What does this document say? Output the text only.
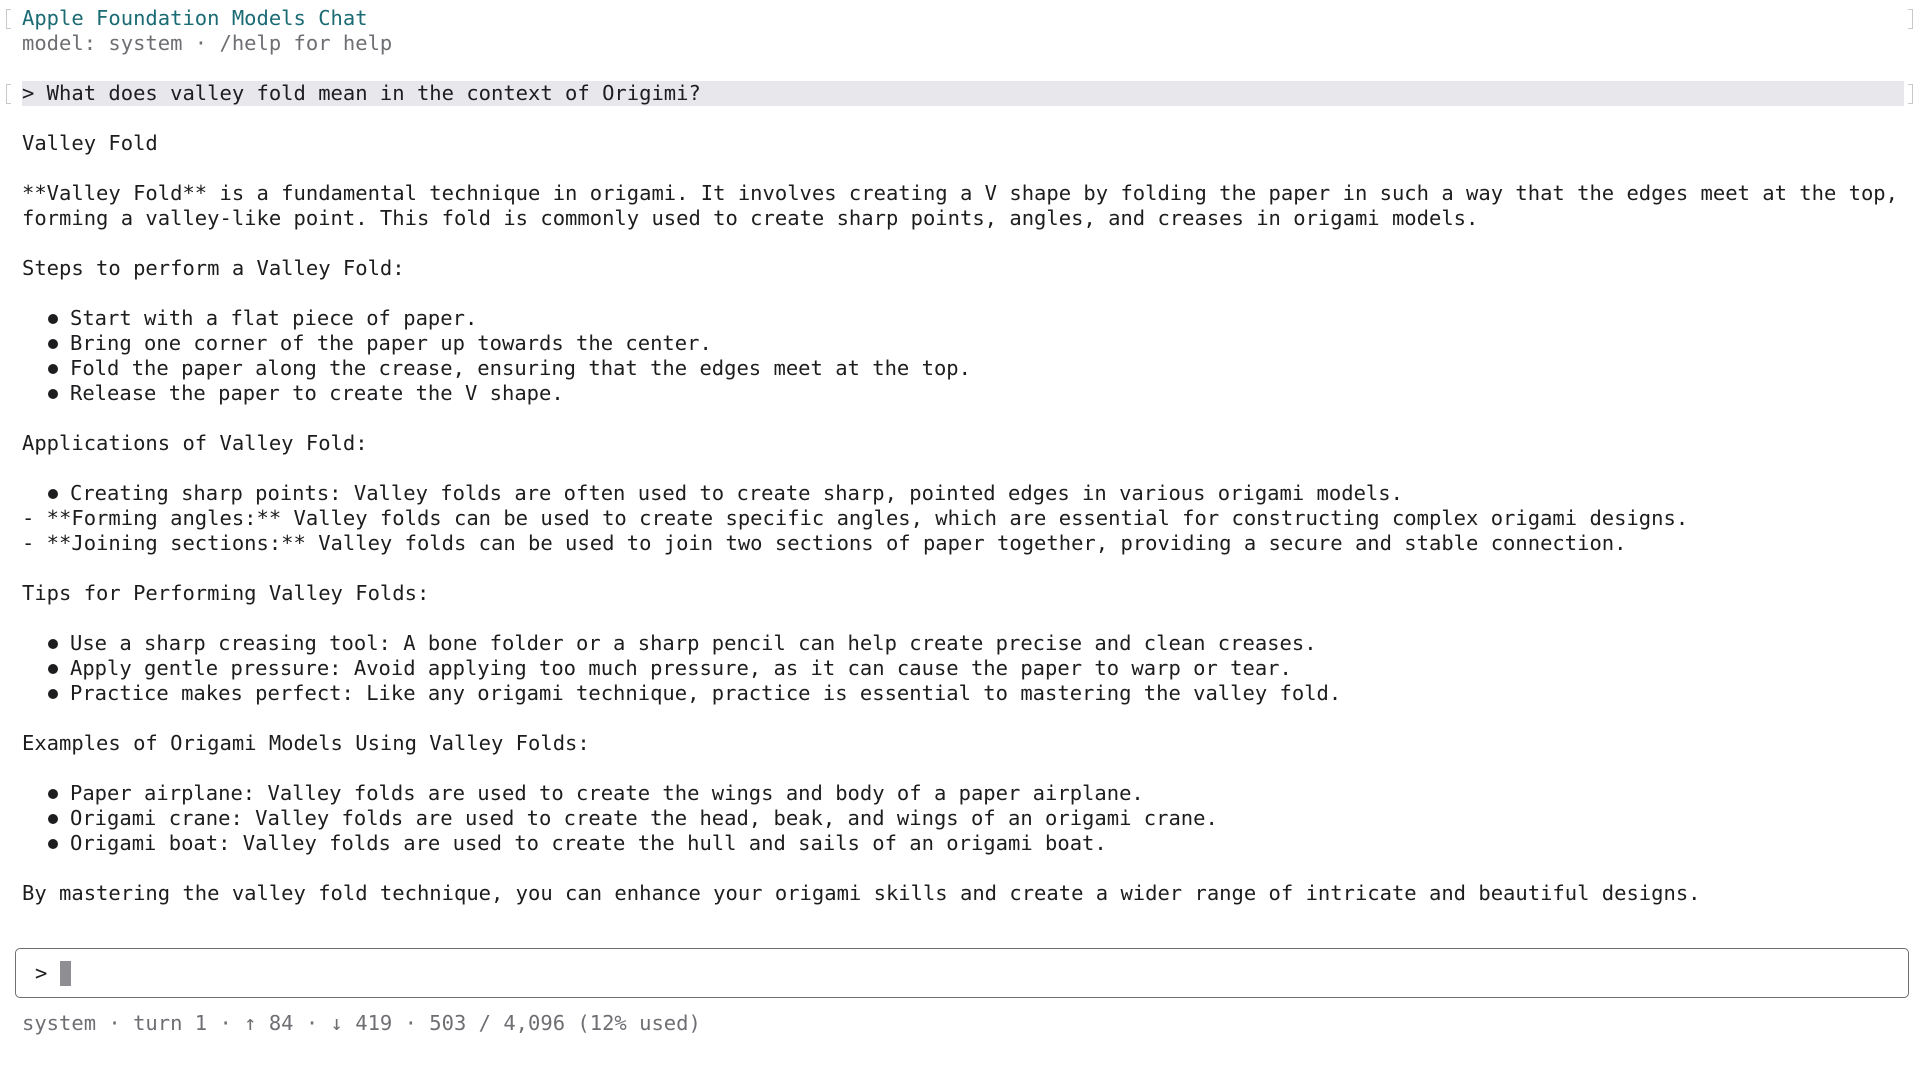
Apple Foundation Models Chat
model: system · /help for help
> What does valley fold mean in the context of Origimi?
Valley Fold
**Valley Fold** is a fundamental technique in origami. It involves creating a V shape by folding the paper in such a way that the edges meet at the top,
forming a valley-like point. This fold is commonly used to create sharp points, angles, and creases in origami models.
Steps to perform a Valley Fold:
Start with a flat piece of paper.
Bring one corner of the paper up towards the center.
Fold the paper along the crease, ensuring that the edges meet at the top.
Release the paper to create the V shape.
Applications of Valley Fold:
Creating sharp points: Valley folds are often used to create sharp, pointed edges in various origami models.
- **Forming angles:** Valley folds can be used to create specific angles, which are essential for constructing complex origami designs.
- **Joining sections:** Valley folds can be used to join two sections of paper together, providing a secure and stable connection.
Tips for Performing Valley Folds:
Use a sharp creasing tool: A bone folder or a sharp pencil can help create precise and clean creases.
Apply gentle pressure: Avoid applying too much pressure, as it can cause the paper to warp or tear.
Practice makes perfect: Like any origami technique, practice is essential to mastering the valley fold.
Examples of Origami Models Using Valley Folds:
Paper airplane: Valley folds are used to create the wings and body of a paper airplane.
Origami crane: Valley folds are used to create the head, beak, and wings of an origami crane.
Origami boat: Valley folds are used to create the hull and sails of an origami boat.
By mastering the valley fold technique, you can enhance your origami skills and create a wider range of intricate and beautiful designs.
>
system · turn 1 · ↑ 84 · ↓ 419 · 503 / 4,096 (12% used)
